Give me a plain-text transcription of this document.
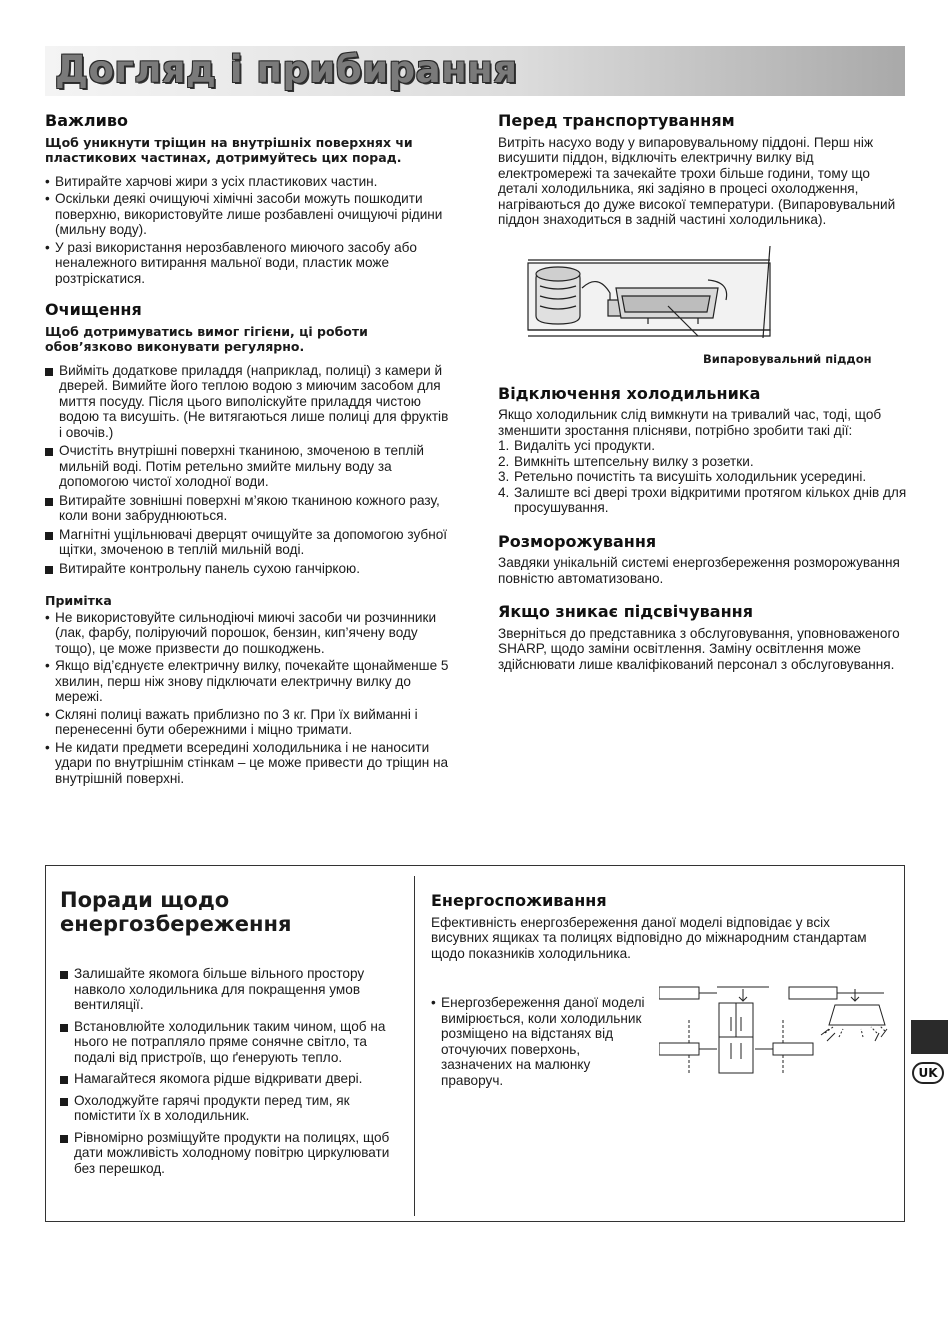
Догляд і прибирання
Важливо
Щоб уникнути тріщин на внутрішніх поверхнях чи пластикових частинах, дотримуйтесь цих порад.
• Витирайте харчові жири з усіх пластикових частин.
• Оскільки деякі очищуючі хімічні засоби можуть пошкодити поверхню, використовуйте лише розбавлені очищуючі рідини (мильну воду).
• У разі використання нерозбавленого миючого засобу або неналежного витирання мальної води, пластик може розтріскатися.
Очищення
Щоб дотримуватись вимог гігієни, ці роботи обов’язково виконувати регулярно.
Вийміть додаткове приладдя (наприклад, полиці) з камери й дверей. Вимийте його теплою водою з миючим засобом для миття посуду. Після цього виполіскуйте приладдя чистою водою та висушіть. (Не витягаються лише полиці для фруктів і овочів.)
Очистіть внутрішні поверхні тканиною, змоченою в теплій мильній воді. Потім ретельно змийте мильну воду за допомогою чистої холодної води.
Витирайте зовнішні поверхні м’якою тканиною кожного разу, коли вони забруднюються.
Магнітні ущільнювачі дверцят очищуйте за допомогою зубної щітки, змоченою в теплій мильній воді.
Витирайте контрольну панель сухою ганчіркою.
Примітка
• Не використовуйте сильнодіючі миючі засоби чи розчинники (лак, фарбу, поліруючий порошок, бензин, кип’ячену воду тощо), це може призвести до пошкоджень.
• Якщо від’єднуєте електричну вилку, почекайте щонайменше 5 хвилин, перш ніж знову підключати електричну вилку до мережі.
• Скляні полиці важать приблизно по 3 кг. При їх вийманні і перенесенні бути обережними і міцно тримати.
• Не кидати предмети всередині холодильника і не наносити удари по внутрішнім стінкам – це може привести до тріщин на внутрішній поверхні.
Перед транспортуванням

Витріть насухо воду у випаровувальному піддоні. Перш ніж висушити піддон, відключіть електричну вилку від електромережі та зачекайте трохи більше години, тому що деталі холодильника, які задіяно в процесі охолодження, нагріваються до дуже високої температури. (Випаровувальний піддон знаходиться в задній частині холодильника).

Випаровувальний піддон
Відключення холодильника

Якщо холодильник слід вимкнути на тривалий час, тоді, щоб зменшити зростання плісняви, потрібно зробити такі дії:

1. Видаліть усі продукти.
2. Вимкніть штепсельну вилку з розетки.
3. Ретельно почистіть та висушіть холодильник усередині.
4. Залиште всі двері трохи відкритими протягом кількох днів для просушування.
Розморожування

Завдяки унікальній системі енергозбереження розморожування повністю автоматизовано.

Якщо зникає підсвічування

Зверніться до представника з обслуговування, уповноваженого SHARP, щодо заміни освітлення. Заміну освітлення може здійснювати лише кваліфікований персонал з обслуговування.

Поради щодо енергозбереження
Залишайте якомога більше вільного простору навколо холодильника для покращення умов вентиляції.
Встановлюйте холодильник таким чином, щоб на нього не потрапляло пряме сонячне світло, та подалі від пристроїв, що ґенерують тепло.
Намагайтеся якомога рідше відкривати двері.
Охолоджуйте гарячі продукти перед тим, як помістити їх в холодильник.
Рівномірно розміщуйте продукти на полицях, щоб дати можливість холодному повітрю циркулювати без перешкод.
Енергоспоживання

Ефективність енергозбереження даної моделі відповідає у всіх висувних ящиках та полицях відповідно до міжнародним стандартам щодо показників холодильника.

• Енергозбереження даної моделі вимірюється, коли холодильник розміщено на відстанях від оточуючих поверхонь, зазначених на малюнку праворуч.	UK
